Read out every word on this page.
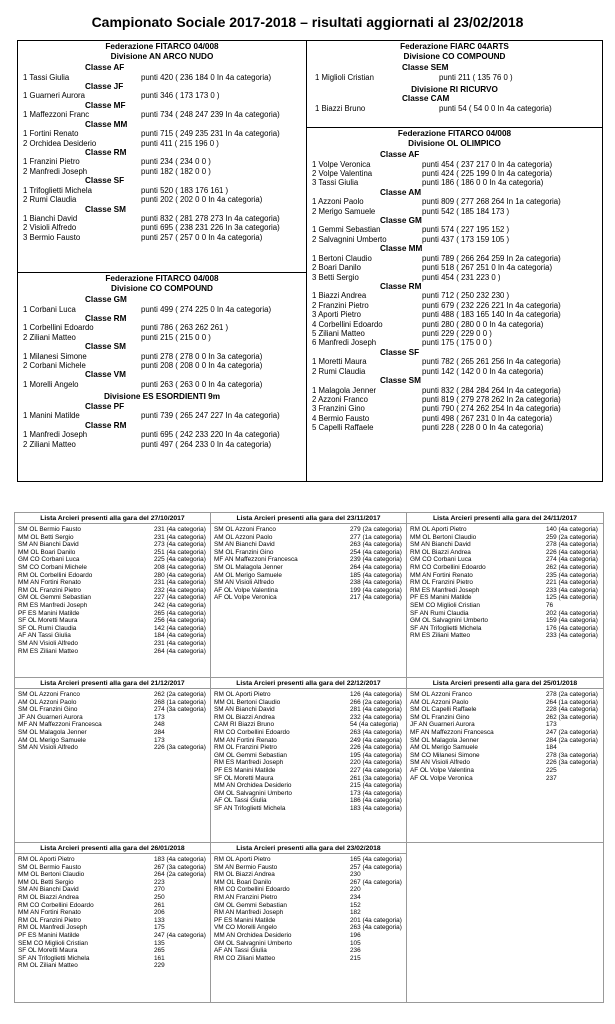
Campionato Sociale 2017-2018 – risultati aggiornati al 23/02/2018
Federazione FITARCO 04/008
Divisione AN ARCO NUDO
Classe AF
1 Tassi Giulia	punti 420 ( 236 184 0 In 4a categoria)
Classe JF
1 Guarneri Aurora	punti 346 ( 173 173 0 )
Classe MF
1 Maffezzoni Franc	punti 734 ( 248 247 239 In 4a categoria)
Classe MM
1 Fortini Renato	punti 715 ( 249 235 231 In 4a categoria)
2 Orchidea Desiderio	punti 411 ( 215 196 0 )
Classe RM
1 Franzini Pietro	punti 234 ( 234 0 0 )
2 Manfredi Joseph	punti 182 ( 182 0 0 )
Classe SF
1 Trifoglietti Michela	punti 520 ( 183 176 161 )
2 Rumi Claudia	punti 202 ( 202 0 0 In 4a categoria)
Classe SM
1 Bianchi David	punti 832 ( 281 278 273 In 4a categoria)
2 Visioli Alfredo	punti 695 ( 238 231 226 In 3a categoria)
3 Bermio Fausto	punti 257 ( 257 0 0 In 4a categoria)
Federazione FITARCO 04/008
Divisione CO COMPOUND
Classe GM
1 Corbani Luca	punti 499 ( 274 225 0 In 4a categoria)
Classe RM
1 Corbellini Edoardo	punti 786 ( 263 262 261 )
2 Ziliani Matteo	punti 215 ( 215 0 0 )
Classe SM
1 Milanesi Simone	punti 278 ( 278 0 0 In 3a categoria)
2 Corbani Michele	punti 208 ( 208 0 0 In 4a categoria)
Classe VM
1 Morelli Angelo	punti 263 ( 263 0 0 In 4a categoria)
Divisione ES ESORDIENTI 9m
Classe PF
1 Manini Matilde	punti 739 ( 265 247 227 In 4a categoria)
Classe RM
1 Manfredi Joseph	punti 695 ( 242 233 220 In 4a categoria)
2 Ziliani Matteo	punti 497 ( 264 233 0 In 4a categoria)
Federazione FIARC 04ARTS
Divisione CO COMPOUND
Classe SEM
1 Miglioli Cristian	punti 211 ( 135 76 0 )
Divisione RI RICURVO
Classe CAM
1 Biazzi Bruno	punti 54 ( 54 0 0 In 4a categoria)
Federazione FITARCO 04/008
Divisione OL OLIMPICO
Classe AF
1 Volpe Veronica	punti 454 ( 237 217 0 In 4a categoria)
2 Volpe Valentina	punti 424 ( 225 199 0 In 4a categoria)
3 Tassi Giulia	punti 186 ( 186 0 0 In 4a categoria)
Classe AM
1 Azzoni Paolo	punti 809 ( 277 268 264 In 1a categoria)
2 Merigo Samuele	punti 542 ( 185 184 173 )
Classe GM
1 Gemmi Sebastian	punti 574 ( 227 195 152 )
2 Salvagnini Umberto	punti 437 ( 173 159 105 )
Classe MM
1 Bertoni Claudio	punti 789 ( 266 264 259 In 2a categoria)
2 Boari Danilo	punti 518 ( 267 251 0 In 4a categoria)
3 Betti Sergio	punti 454 ( 231 223 0 )
Classe RM
1 Biazzi Andrea	punti 712 ( 250 232 230 )
2 Franzini Pietro	punti 679 ( 232 226 221 In 4a categoria)
3 Aporti Pietro	punti 488 ( 183 165 140 In 4a categoria)
4 Corbellini Edoardo	punti 280 ( 280 0 0 In 4a categoria)
5 Ziliani Matteo	punti 229 ( 229 0 0 )
6 Manfredi Joseph	punti 175 ( 175 0 0 )
Classe SF
1 Moretti Maura	punti 782 ( 265 261 256 In 4a categoria)
2 Rumi Claudia	punti 142 ( 142 0 0 In 4a categoria)
Classe SM
1 Malagola Jenner	punti 832 ( 284 284 264 In 4a categoria)
2 Azzoni Franco	punti 819 ( 279 278 262 In 2a categoria)
3 Franzini Gino	punti 790 ( 274 262 254 In 4a categoria)
4 Bermio Fausto	punti 498 ( 267 231 0 In 4a categoria)
5 Capelli Raffaele	punti 228 ( 228 0 0 In 4a categoria)
Lista Arcieri presenti alla gara del 27/10/2017
SM OL Bermio Fausto	231 (4a categoria)
MM OL Betti Sergio	231 (4a categoria)
SM AN Bianchi David	273 (4a categoria)
MM OL Boari Danilo	251 (4a categoria)
GM CO Corbani Luca	225 (4a categoria)
SM CO Corbani Michele	208 (4a categoria)
RM OL Corbellini Edoardo	280 (4a categoria)
MM AN Fortini Renato	231 (4a categoria)
RM OL Franzini Pietro	232 (4a categoria)
GM OL Gemmi Sebastian	227 (4a categoria)
RM ES Manfredi Joseph	242 (4a categoria)
PF ES Manini Matilde	265 (4a categoria)
SF OL Moretti Maura	256 (4a categoria)
SF OL Rumi Claudia	142 (4a categoria)
AF AN Tassi Giulia	184 (4a categoria)
SM AN Visioli Alfredo	231 (4a categoria)
RM ES Ziliani Matteo	264 (4a categoria)
Lista Arcieri presenti alla gara del 23/11/2017
SM OL Azzoni Franco	279 (2a categoria)
AM OL Azzoni Paolo	277 (1a categoria)
SM AN Bianchi David	263 (4a categoria)
SM OL Franzini Gino	254 (4a categoria)
MF AN Maffezzoni Francesca	239 (4a categoria)
SM OL Malagola Jenner	264 (4a categoria)
AM OL Merigo Samuele	185 (4a categoria)
SM AN Visioli Alfredo	238 (4a categoria)
AF OL Volpe Valentina	199 (4a categoria)
AF OL Volpe Veronica	217 (4a categoria)
Lista Arcieri presenti alla gara del 24/11/2017
RM OL Aporti Pietro	140 (4a categoria)
MM OL Bertoni Claudio	259 (2a categoria)
SM AN Bianchi David	278 (4a categoria)
RM OL Biazzi Andrea	226 (4a categoria)
GM CO Corbani Luca	274 (4a categoria)
RM CO Corbellini Edoardo	262 (4a categoria)
MM AN Fortini Renato	235 (4a categoria)
RM OL Franzini Pietro	221 (4a categoria)
RM ES Manfredi Joseph	233 (4a categoria)
PF ES Manini Matilde	125 (4a categoria)
SEM CO Miglioli Cristian	76
SF AN Rumi Claudia	202 (4a categoria)
GM OL Salvagnini Umberto	159 (4a categoria)
SF AN Trifoglietti Michela	176 (4a categoria)
RM ES Ziliani Matteo	233 (4a categoria)
Lista Arcieri presenti alla gara del 21/12/2017
SM OL Azzoni Franco	262 (2a categoria)
AM OL Azzoni Paolo	268 (1a categoria)
SM OL Franzini Gino	274 (3a categoria)
JF AN Guarneri Aurora	173
MF AN Maffezzoni Francesca	248
SM OL Malagola Jenner	284
AM OL Merigo Samuele	173
SM AN Visioli Alfredo	226 (3a categoria)
Lista Arcieri presenti alla gara del 22/12/2017
RM OL Aporti Pietro	126 (4a categoria)
MM OL Bertoni Claudio	266 (2a categoria)
SM AN Bianchi David	281 (4a categoria)
RM OL Biazzi Andrea	232 (4a categoria)
CAM RI Biazzi Bruno	54 (4a categoria)
RM CO Corbellini Edoardo	263 (4a categoria)
MM AN Fortini Renato	249 (4a categoria)
RM OL Franzini Pietro	226 (4a categoria)
GM OL Gemmi Sebastian	195 (4a categoria)
RM ES Manfredi Joseph	220 (4a categoria)
PF ES Manini Matilde	227 (4a categoria)
SF OL Moretti Maura	261 (3a categoria)
MM AN Orchidea Desiderio	215 (4a categoria)
GM OL Salvagnini Umberto	173 (4a categoria)
AF OL Tassi Giulia	186 (4a categoria)
SF AN Trifoglietti Michela	183 (4a categoria)
Lista Arcieri presenti alla gara del 25/01/2018
SM OL Azzoni Franco	278 (2a categoria)
AM OL Azzoni Paolo	264 (1a categoria)
SM OL Capelli Raffaele	228 (4a categoria)
SM OL Franzini Gino	262 (3a categoria)
JF AN Guarneri Aurora	173
MF AN Maffezzoni Francesca	247 (2a categoria)
SM OL Malagola Jenner	284 (2a categoria)
AM OL Merigo Samuele	184
SM CO Milanesi Simone	278 (3a categoria)
SM AN Visioli Alfredo	226 (3a categoria)
AF OL Volpe Valentina	225
AF OL Volpe Veronica	237
Lista Arcieri presenti alla gara del 26/01/2018
RM OL Aporti Pietro	183 (4a categoria)
SM OL Bermio Fausto	267 (3a categoria)
MM OL Bertoni Claudio	264 (2a categoria)
MM OL Betti Sergio	223
SM AN Bianchi David	270
RM OL Biazzi Andrea	250
RM CO Corbellini Edoardo	261
MM AN Fortini Renato	206
RM OL Franzini Pietro	133
RM OL Manfredi Joseph	175
PF ES Manini Matilde	247 (4a categoria)
SEM CO Miglioli Cristian	135
SF OL Moretti Maura	265
SF AN Trifoglietti Michela	161
RM OL Ziliani Matteo	229
Lista Arcieri presenti alla gara del 23/02/2018
RM OL Aporti Pietro	165 (4a categoria)
SM AN Bermio Fausto	257 (4a categoria)
RM OL Biazzi Andrea	230
MM OL Boari Danilo	267 (4a categoria)
RM CO Corbellini Edoardo	220
RM AN Franzini Pietro	234
GM OL Gemmi Sebastian	152
RM AN Manfredi Joseph	182
PF ES Manini Matilde	201 (4a categoria)
VM CO Morelli Angelo	263 (4a categoria)
MM AN Orchidea Desiderio	196
GM OL Salvagnini Umberto	105
AF AN Tassi Giulia	236
RM CO Ziliani Matteo	215
